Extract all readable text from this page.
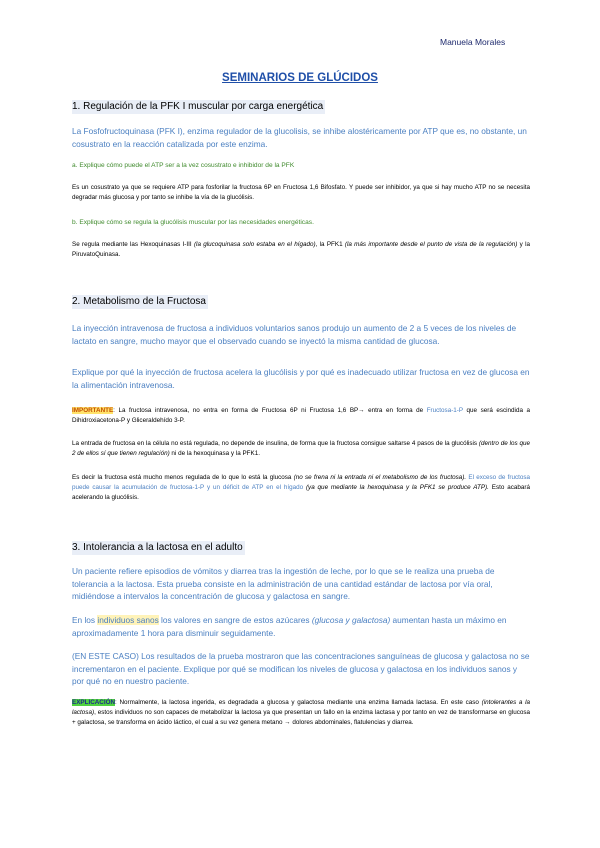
Manuela Morales
SEMINARIOS DE GLÚCIDOS
1. Regulación de la PFK I muscular por carga energética
La Fosfofructoquinasa (PFK I), enzima regulador de la glucolisis, se inhibe alostéricamente por ATP que es, no obstante, un cosustrato en la reacción catalizada por este enzima.
a. Explique cómo puede el ATP ser a la vez cosustrato e inhibidor de la PFK
Es un cosustrato ya que se requiere ATP para fosforilar la fructosa 6P en Fructosa 1,6 Bifosfato. Y puede ser inhibidor, ya que si hay mucho ATP no se necesita degradar más glucosa y por tanto se inhibe la vía de la glucólisis.
b. Explique cómo se regula la glucólisis muscular por las necesidades energéticas.
Se regula mediante las Hexoquinasas I-III (la glucoquinasa solo estaba en el hígado), la PFK1 (la más importante desde el punto de vista de la regulación) y la PiruvatoQuinasa.
2. Metabolismo de la Fructosa
La inyección intravenosa de fructosa a individuos voluntarios sanos produjo un aumento de 2 a 5 veces de los niveles de lactato en sangre, mucho mayor que el observado cuando se inyectó la misma cantidad de glucosa.
Explique por qué la inyección de fructosa acelera la glucólisis y por qué es inadecuado utilizar fructosa en vez de glucosa en la alimentación intravenosa.
IMPORTANTE: La fructosa intravenosa, no entra en forma de Fructosa 6P ni Fructosa 1,6 BP→ entra en forma de Fructosa-1-P que será escindida a Dihidroxiacetona-P y Gliceraldehído 3-P.
La entrada de fructosa en la célula no está regulada, no depende de insulina, de forma que la fructosa consigue saltarse 4 pasos de la glucólisis (dentro de los que 2 de ellos sí que tienen regulación) ni de la hexoquinasa y la PFK1.
Es decir la fructosa está mucho menos regulada de lo que lo está la glucosa (no se frena ni la entrada ni el metabolismo de los fructosa). El exceso de fructosa puede causar la acumulación de fructosa-1-P y un déficit de ATP en el hígado (ya que mediante la hexoquinasa y la PFK1 se produce ATP). Esto acabará acelerando la glucólisis.
3. Intolerancia a la lactosa en el adulto
Un paciente refiere episodios de vómitos y diarrea tras la ingestión de leche, por lo que se le realiza una prueba de tolerancia a la lactosa. Esta prueba consiste en la administración de una cantidad estándar de lactosa por vía oral, midiéndose a intervalos la concentración de glucosa y galactosa en sangre.
En los individuos sanos los valores en sangre de estos azúcares (glucosa y galactosa) aumentan hasta un máximo en aproximadamente 1 hora para disminuir seguidamente.
(EN ESTE CASO) Los resultados de la prueba mostraron que las concentraciones sanguíneas de glucosa y galactosa no se incrementaron en el paciente. Explique por qué se modifican los niveles de glucosa y galactosa en los individuos sanos y por qué no en nuestro paciente.
EXPLICACIÓN: Normalmente, la lactosa ingerida, es degradada a glucosa y galactosa mediante una enzima llamada lactasa. En este caso (intolerantes a la lactosa), estos individuos no son capaces de metabolizar la lactosa ya que presentan un fallo en la enzima lactasa y por tanto en vez de transformarse en glucosa + galactosa, se transforma en ácido láctico, el cual a su vez genera metano → dolores abdominales, flatulencias y diarrea.
